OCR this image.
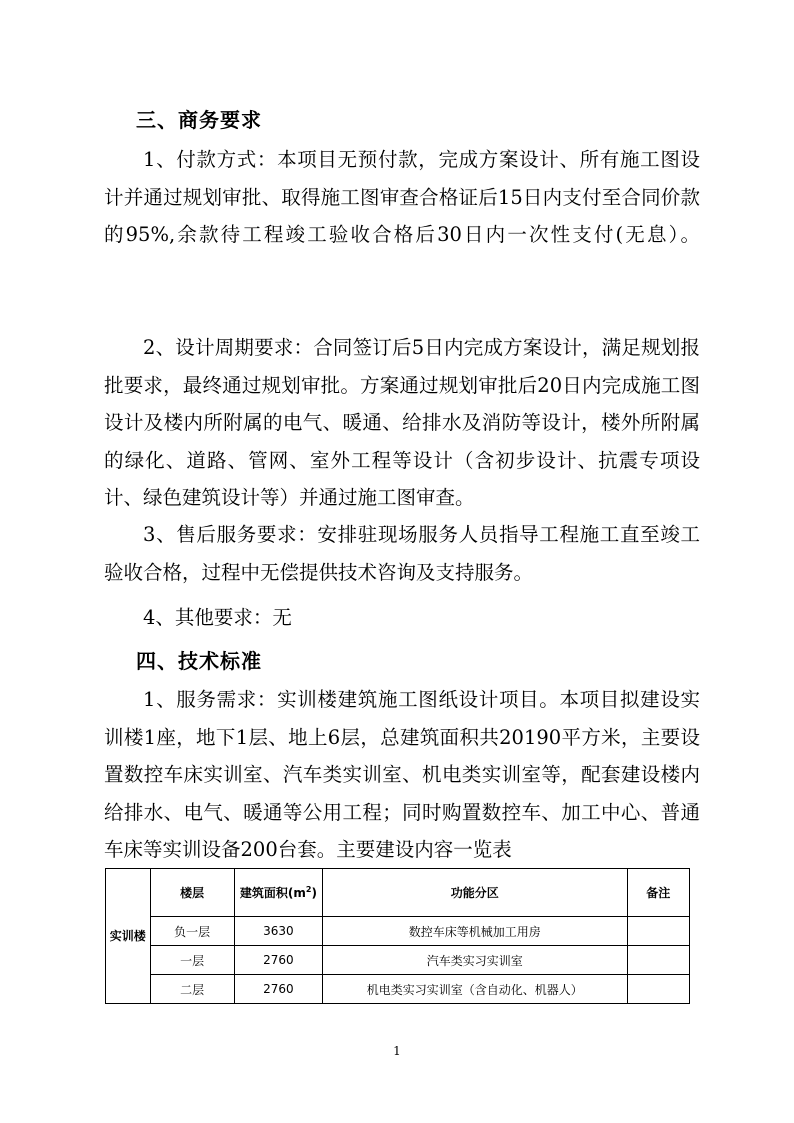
三、商务要求

1、付款方式：本项目无预付款，完成方案设计、所有施工图设计并通过规划审批、取得施工图审查合格证后15日内支付至合同价款的95%,余款待工程竣工验收合格后30日内一次性支付(无息）。

2、设计周期要求：合同签订后5日内完成方案设计，满足规划报批要求，最终通过规划审批。方案通过规划审批后20日内完成施工图设计及楼内所附属的电气、暖通、给排水及消防等设计，楼外所附属的绿化、道路、管网、室外工程等设计（含初步设计、抗震专项设计、绿色建筑设计等）并通过施工图审查。

3、售后服务要求：安排驻现场服务人员指导工程施工直至竣工验收合格，过程中无偿提供技术咨询及支持服务。

4、其他要求：无

四、技术标准

1、服务需求：实训楼建筑施工图纸设计项目。本项目拟建设实训楼1座，地下1层、地上6层，总建筑面积共20190平方米，主要设置数控车床实训室、汽车类实训室、机电类实训室等，配套建设楼内给排水、电气、暖通等公用工程；同时购置数控车、加工中心、普通车床等实训设备200台套。主要建设内容一览表

实训楼	楼层	建筑面积$(m^2)$	功能分区	备注
	负一层	3630	数控车床等机械加工用房	
	一层	2760	汽车类实习实训室	
	二层	2760	机电类实习实训室（含自动化、机器人）	
1
